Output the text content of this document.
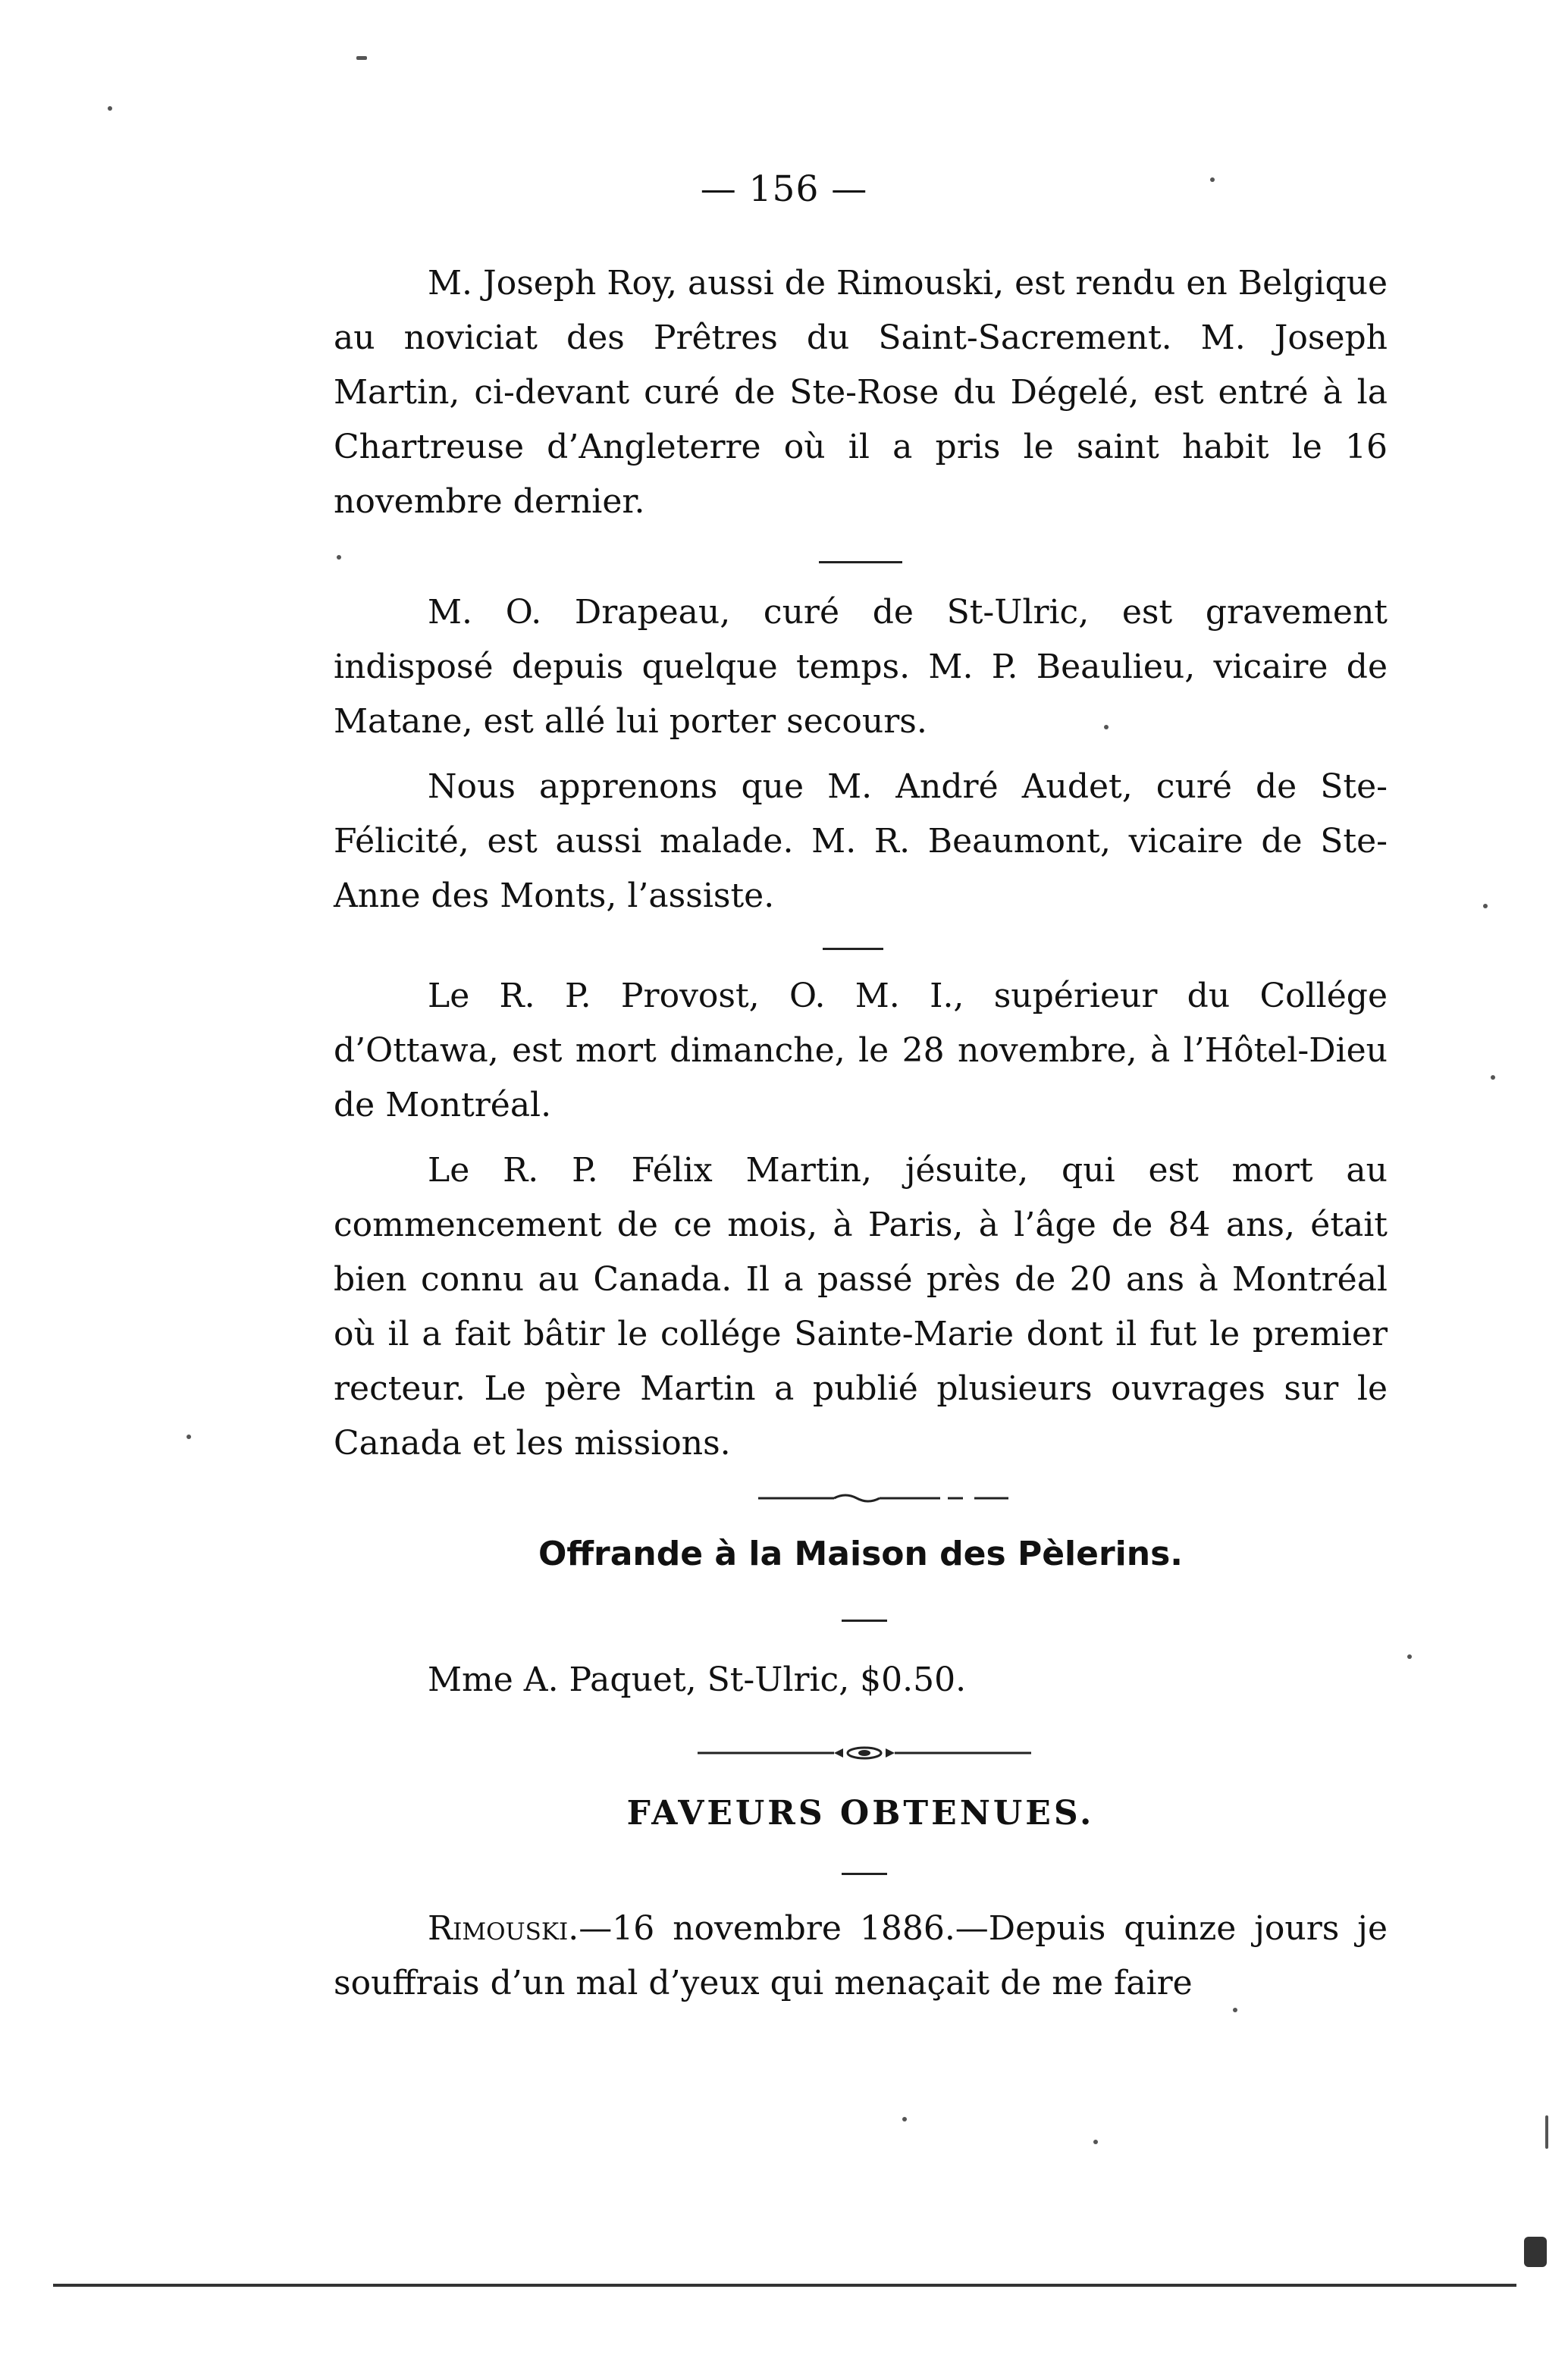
— 156 —

M. Joseph Roy, aussi de Rimouski, est rendu en Belgique au noviciat des Prêtres du Saint-Sacrement. M. Joseph Martin, ci-devant curé de Ste-Rose du Dégelé, est entré à la Chartreuse d’Angleterre où il a pris le saint habit le 16 novembre dernier.

M. O. Drapeau, curé de St-Ulric, est gravement indisposé depuis quelque temps. M. P. Beaulieu, vicaire de Matane, est allé lui porter secours.

Nous apprenons que M. André Audet, curé de Ste-Félicité, est aussi malade. M. R. Beaumont, vicaire de Ste-Anne des Monts, l’assiste.

Le R. P. Provost, O. M. I., supérieur du Collége d’Ottawa, est mort dimanche, le 28 novembre, à l’Hôtel-Dieu de Montréal.

Le R. P. Félix Martin, jésuite, qui est mort au commencement de ce mois, à Paris, à l’âge de 84 ans, était bien connu au Canada. Il a passé près de 20 ans à Montréal où il a fait bâtir le collége Sainte-Marie dont il fut le premier recteur. Le père Martin a publié plusieurs ouvrages sur le Canada et les missions.

Offrande à la Maison des Pèlerins.

Mme A. Paquet, St-Ulric, $0.50.

FAVEURS OBTENUES.

Rimouski.—16 novembre 1886.—Depuis quinze jours je souffrais d’un mal d’yeux qui menaçait de me faire
